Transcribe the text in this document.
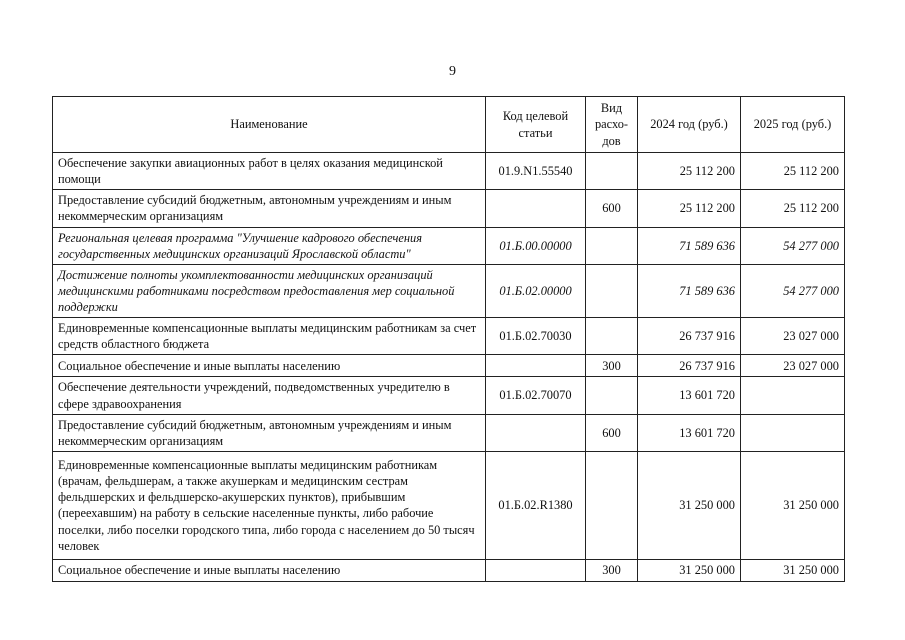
9
Наименование	Код целевой статьи	Вид расхо-дов	2024 год (руб.)	2025 год (руб.)
Обеспечение закупки авиационных работ в целях оказания медицинской помощи	01.9.N1.55540		25 112 200	25 112 200
Предоставление субсидий бюджетным, автономным учреждениям и иным некоммерческим организациям		600	25 112 200	25 112 200
Региональная целевая программа "Улучшение кадрового обеспечения государственных медицинских организаций Ярославской области"	01.Б.00.00000		71 589 636	54 277 000
Достижение полноты укомплектованности медицинских организаций медицинскими работниками посредством предоставления мер социальной поддержки	01.Б.02.00000		71 589 636	54 277 000
Единовременные компенсационные выплаты медицинским работникам за счет средств областного бюджета	01.Б.02.70030		26 737 916	23 027 000
Социальное обеспечение и иные выплаты населению		300	26 737 916	23 027 000
Обеспечение деятельности учреждений, подведомственных учредителю в сфере здравоохранения	01.Б.02.70070		13 601 720	
Предоставление субсидий бюджетным, автономным учреждениям и иным некоммерческим организациям		600	13 601 720	
Единовременные компенсационные выплаты медицинским работникам (врачам, фельдшерам, а также акушеркам и медицинским сестрам фельдшерских и фельдшерско-акушерских пунктов), прибывшим (переехавшим) на работу в сельские населенные пункты, либо рабочие поселки, либо поселки городского типа, либо города с населением до 50 тысяч человек	01.Б.02.R1380		31 250 000	31 250 000
Социальное обеспечение и иные выплаты населению		300	31 250 000	31 250 000
